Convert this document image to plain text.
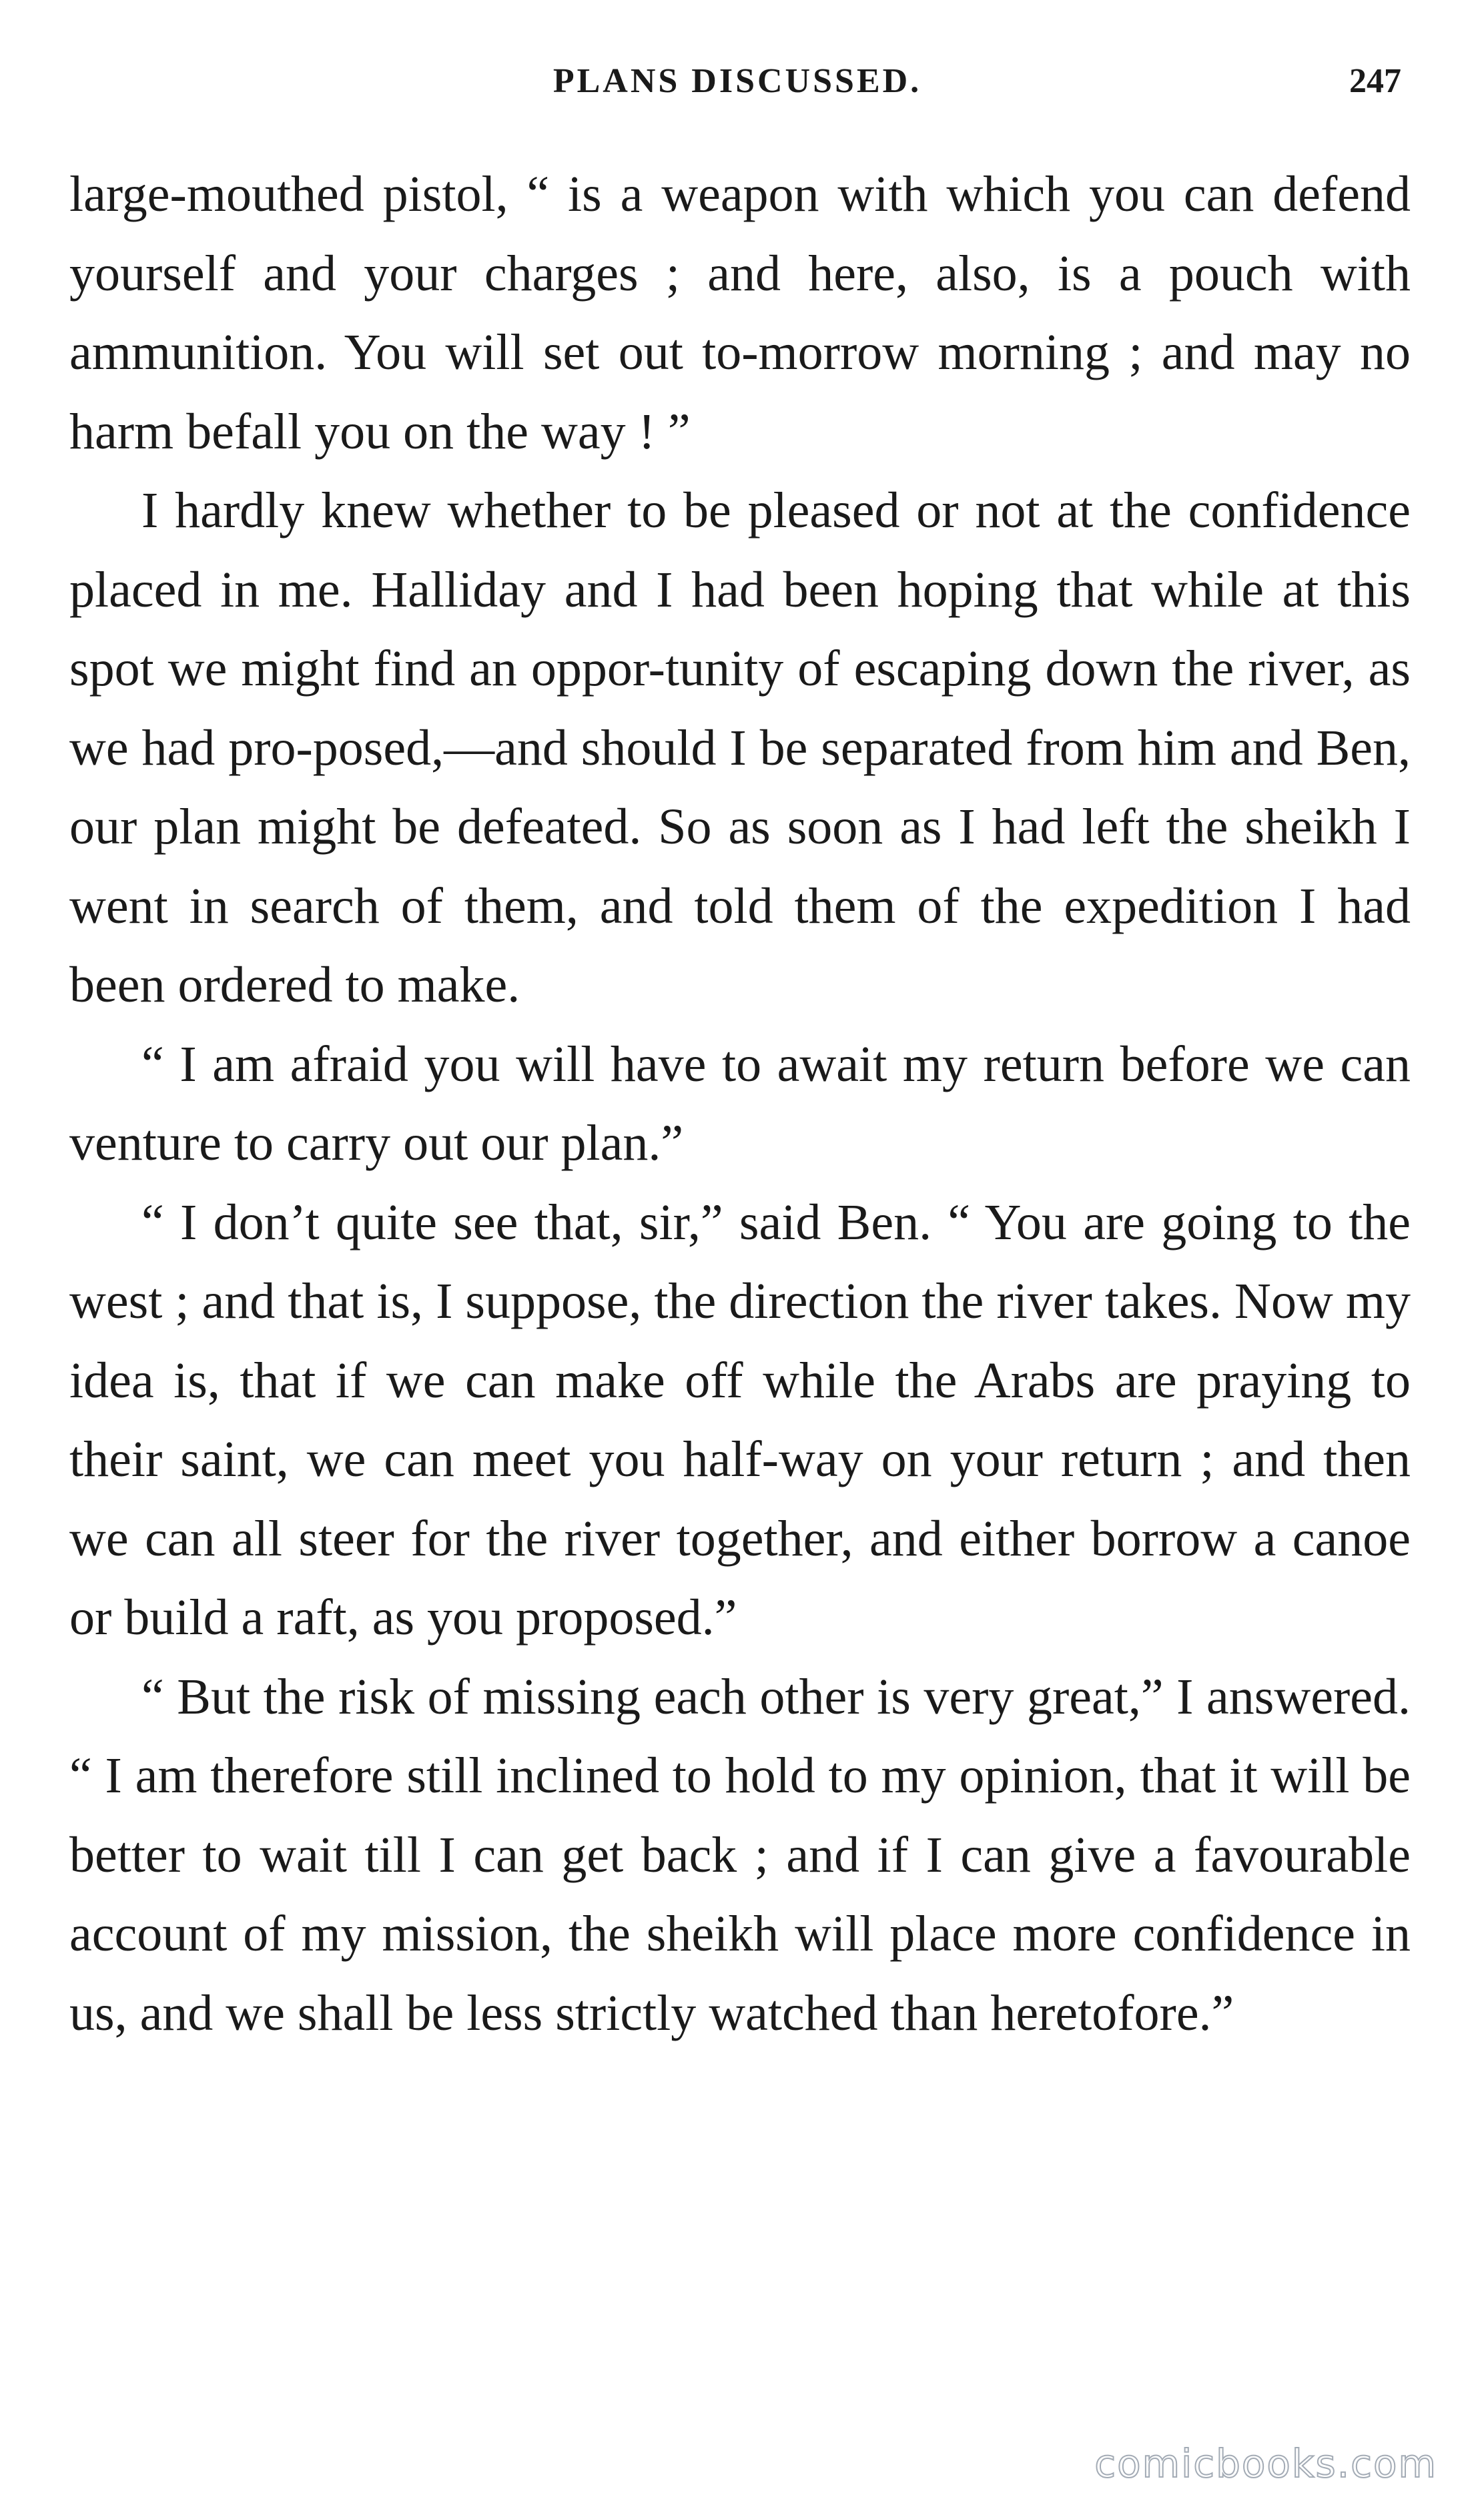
PLANS DISCUSSED.	247

large-mouthed pistol, “ is a weapon with which you can defend yourself and your charges ; and here, also, is a pouch with ammunition. You will set out to-morrow morning ; and may no harm befall you on the way ! ”

I hardly knew whether to be pleased or not at the confidence placed in me. Halliday and I had been hoping that while at this spot we might find an oppor-tunity of escaping down the river, as we had pro-posed,—and should I be separated from him and Ben, our plan might be defeated. So as soon as I had left the sheikh I went in search of them, and told them of the expedition I had been ordered to make.

“ I am afraid you will have to await my return before we can venture to carry out our plan.”

“ I don’t quite see that, sir,” said Ben. “ You are going to the west ; and that is, I suppose, the direction the river takes. Now my idea is, that if we can make off while the Arabs are praying to their saint, we can meet you half-way on your return ; and then we can all steer for the river together, and either borrow a canoe or build a raft, as you proposed.”

“ But the risk of missing each other is very great,” I answered. “ I am therefore still inclined to hold to my opinion, that it will be better to wait till I can get back ; and if I can give a favourable account of my mission, the sheikh will place more confidence in us, and we shall be less strictly watched than heretofore.”

comicbooks.com
